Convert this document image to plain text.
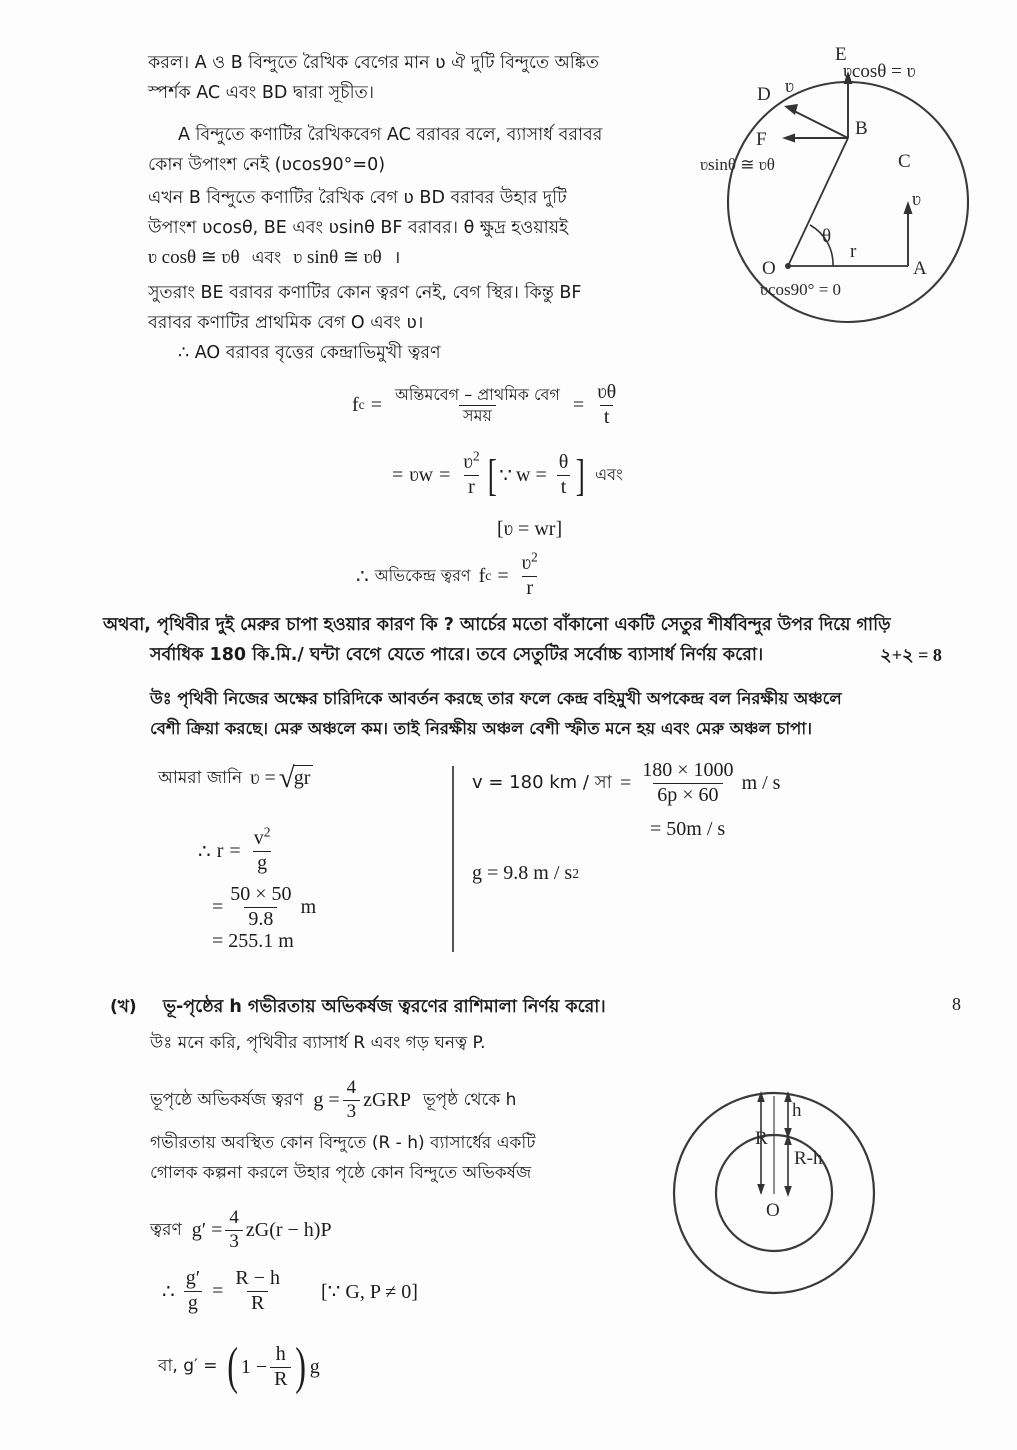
করল। A ও B বিন্দুতে রৈখিক বেগের মান ʋ ঐ দুটি বিন্দুতে অঙ্কিত
স্পর্শক AC এবং BD দ্বারা সূচীত।
A বিন্দুতে কণাটির রৈখিকবেগ AC বরাবর বলে, ব্যাসার্ধ বরাবর
কোন উপাংশ নেই (ʋcos90°=0)
এখন B বিন্দুতে কণাটির রৈখিক বেগ ʋ BD বরাবর উহার দুটি
উপাংশ ʋcosθ, BE এবং ʋsinθ BF বরাবর। θ ক্ষুদ্র হওয়ায়ই
ʋ cosθ ≅ ʋθ এবং ʋ sinθ ≅ ʋθ ।
সুতরাং BE বরাবর কণাটির কোন ত্বরণ নেই, বেগ স্থির। কিন্তু BF
বরাবর কণাটির প্রাথমিক বেগ O এবং ʋ।
∴ AO বরাবর বৃত্তের কেন্দ্রাভিমুখী ত্বরণ
E
D
F
B
C
O	A
r
θ
ʋ
ʋ
ʋcosθ = ʋ
ʋsinθ ≅ ʋθ
ʋcos90° = 0
f $c = \frac{\text{অন্তিমবেগ – প্রাথমিক বেগ}}{\text{সময়}} = \frac{\text{ʋθ}}{t}$
= ʋw = $\frac{ʋ^2}{r}$ [ ∵ $w = \frac{\theta}{t}$ ] এবং
[ʋ = wr]
∴ অভিকেন্দ্র ত্বরণ f $c = \frac{ʋ^2}{r}$
অথবা, পৃথিবীর দুই মেরুর চাপা হওয়ার কারণ কি ? আর্চের মতো বাঁকানো একটি সেতুর শীর্ষবিন্দুর উপর দিয়ে গাড়ি
সর্বাধিক 180 কি.মি./ ঘন্টা বেগে যেতে পারে। তবে সেতুটির সর্বোচ্চ ব্যাসার্ধ নির্ণয় করো।	২+২ = 8
উঃ পৃথিবী নিজের অক্ষের চারিদিকে আবর্তন করছে তার ফলে কেন্দ্র বহিমুখী অপকেন্দ্র বল নিরক্ষীয় অঞ্চলে
বেশী ক্রিয়া করছে। মেরু অঞ্চলে কম। তাই নিরক্ষীয় অঞ্চল বেশী স্ফীত মনে হয় এবং মেরু অঞ্চল চাপা।
আমরা জানি ʋ = √ gr
∴ $r = \frac{v^2}{g}$
= $\frac{50 \times 50}{9.8}$ m
= 255.1 m
v = 180 km / সা = $\frac{180 \times 1000}{6p \times 60}$ m / s
= 50m / s
g = 9.8 m / s 2
(খ) ভূ-পৃষ্ঠের h গভীরতায় অভিকর্ষজ ত্বরণের রাশিমালা নির্ণয় করো।	8
উঃ মনে করি, পৃথিবীর ব্যাসার্ধ R এবং গড় ঘনত্ব P.
ভূপৃষ্ঠে অভিকর্ষজ ত্বরণ $g = \frac{4}{3}$ zGRP ভূপৃষ্ঠ থেকে h
গভীরতায় অবস্থিত কোন বিন্দুতে (R - h) ব্যাসার্ধের একটি
গোলক কল্পনা করলে উহার পৃষ্ঠে কোন বিন্দুতে অভিকর্ষজ
ত্বরণ $g' = \frac{4}{3} zG(r - h)P$
∴ $\frac{g'}{g} = \frac{R - h}{R}$ [∵ G, P ≠ 0]
বা, g′ = ( $1 - \frac{h}{R}$ ) g
R
h
R-h
O
